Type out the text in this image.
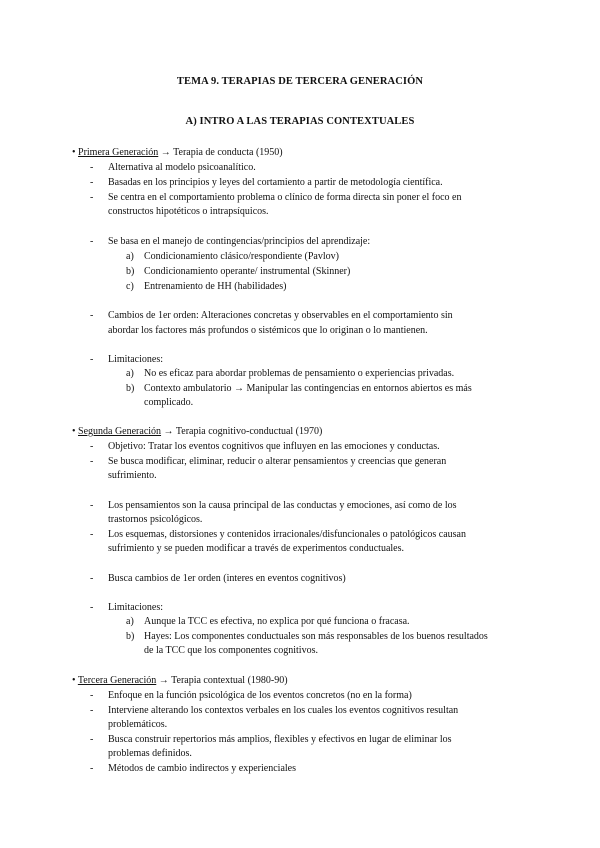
TEMA 9. TERAPIAS DE TERCERA GENERACIÓN
A) INTRO A LAS TERAPIAS CONTEXTUALES
• Primera Generación → Terapia de conducta (1950)
- Alternativa al modelo psicoanalítico.
- Basadas en los principios y leyes del cortamiento a partir de metodología científica.
- Se centra en el comportamiento problema o clínico de forma directa sin poner el foco en
constructos hipotéticos o intrapsíquicos.
- Se basa en el manejo de contingencias/principios del aprendizaje:
a) Condicionamiento clásico/respondiente (Pavlov)
b) Condicionamiento operante/ instrumental (Skinner)
c) Entrenamiento de HH (habilidades)
- Cambios de 1er orden: Alteraciones concretas y observables en el comportamiento sin
abordar los factores más profundos o sistémicos que lo originan o lo mantienen.
- Limitaciones:
a) No es eficaz para abordar problemas de pensamiento o experiencias privadas.
b) Contexto ambulatorio → Manipular las contingencias en entornos abiertos es más
complicado.
• Segunda Generación → Terapia cognitivo-conductual (1970)
- Objetivo: Tratar los eventos cognitivos que influyen en las emociones y conductas.
- Se busca modificar, eliminar, reducir o alterar pensamientos y creencias que generan
sufrimiento.
- Los pensamientos son la causa principal de las conductas y emociones, así como de los
trastornos psicológicos.
- Los esquemas, distorsiones y contenidos irracionales/disfuncionales o patológicos causan
sufrimiento y se pueden modificar a través de experimentos conductuales.
- Busca cambios de 1er orden (interes en eventos cognitivos)
- Limitaciones:
a) Aunque la TCC es efectiva, no explica por qué funciona o fracasa.
b) Hayes: Los componentes conductuales son más responsables de los buenos resultados
de la TCC que los componentes cognitivos.
• Tercera Generación → Terapia contextual (1980-90)
- Enfoque en la función psicológica de los eventos concretos (no en la forma)
- Interviene alterando los contextos verbales en los cuales los eventos cognitivos resultan
problemáticos.
- Busca construir repertorios más amplios, flexibles y efectivos en lugar de eliminar los
problemas definidos.
- Métodos de cambio indirectos y experienciales
